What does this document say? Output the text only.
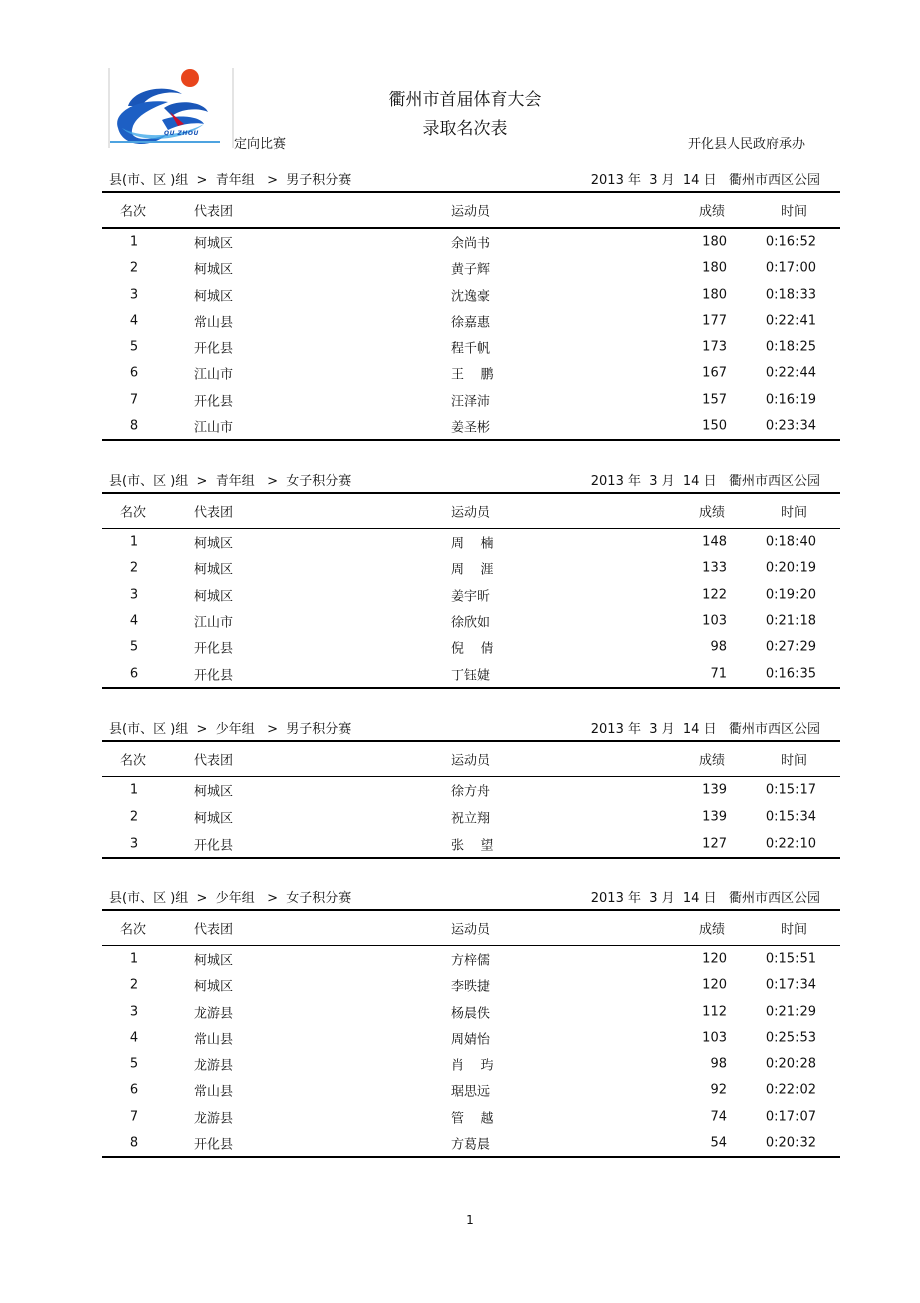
QU ZHOU
衢州市首届体育大会
录取名次表
定向比赛	开化县人民政府承办
县(市、区 )组  >  青年组   >  男子积分赛	2013 年  3 月  14 日   衢州市西区公园
名次	代表团	运动员	成绩	时间
1	柯城区	余尚书	180	0:16:52
2	柯城区	黄子辉	180	0:17:00
3	柯城区	沈逸豪	180	0:18:33
4	常山县	徐嘉惠	177	0:22:41
5	开化县	程千帆	173	0:18:25
6	江山市	王    鹏	167	0:22:44
7	开化县	汪泽沛	157	0:16:19
8	江山市	姜圣彬	150	0:23:34
县(市、区 )组  >  青年组   >  女子积分赛	2013 年  3 月  14 日   衢州市西区公园
名次	代表团	运动员	成绩	时间
1	柯城区	周    楠	148	0:18:40
2	柯城区	周    涯	133	0:20:19
3	柯城区	姜宇昕	122	0:19:20
4	江山市	徐欣如	103	0:21:18
5	开化县	倪    倩	98	0:27:29
6	开化县	丁钰婕	71	0:16:35
县(市、区 )组  >  少年组   >  男子积分赛	2013 年  3 月  14 日   衢州市西区公园
名次	代表团	运动员	成绩	时间
1	柯城区	徐方舟	139	0:15:17
2	柯城区	祝立翔	139	0:15:34
3	开化县	张    望	127	0:22:10
县(市、区 )组  >  少年组   >  女子积分赛	2013 年  3 月  14 日   衢州市西区公园
名次	代表团	运动员	成绩	时间
1	柯城区	方梓儒	120	0:15:51
2	柯城区	李昳捷	120	0:17:34
3	龙游县	杨晨佚	112	0:21:29
4	常山县	周婧怡	103	0:25:53
5	龙游县	肖    玙	98	0:20:28
6	常山县	琚思远	92	0:22:02
7	龙游县	管    越	74	0:17:07
8	开化县	方葛晨	54	0:20:32
1
